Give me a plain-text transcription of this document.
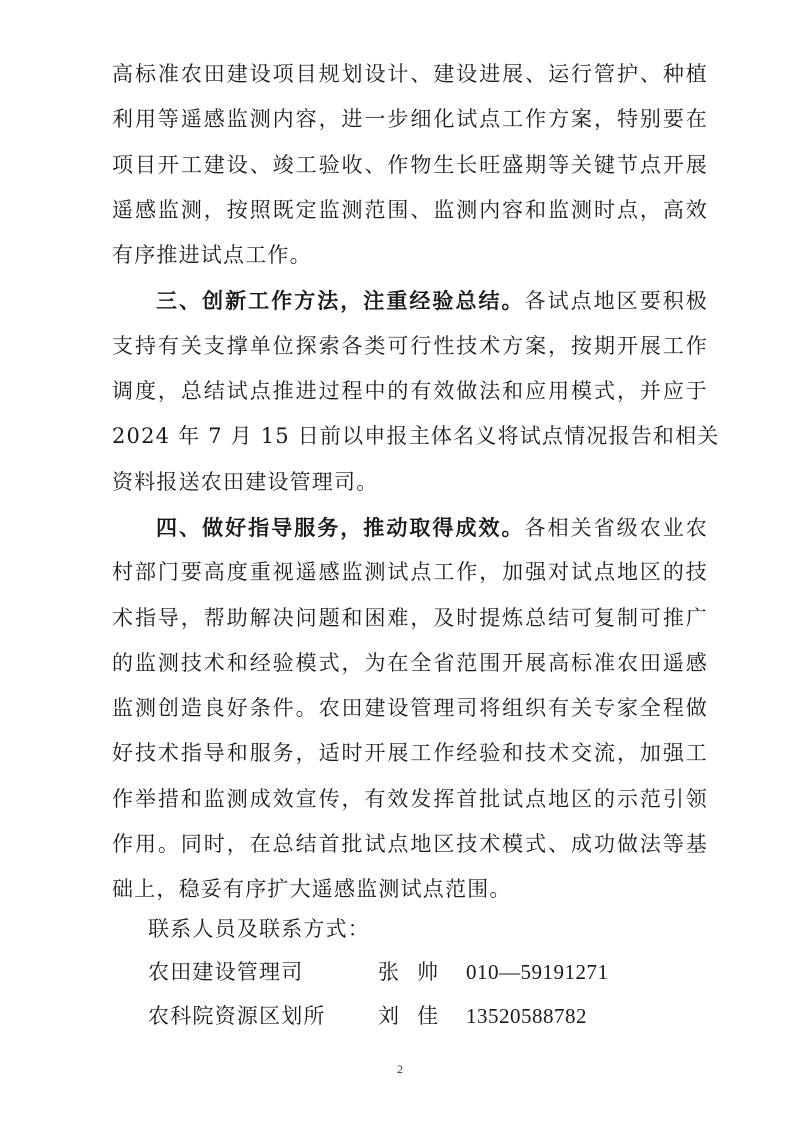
高标准农田建设项目规划设计、建设进展、运行管护、种植
利用等遥感监测内容，进一步细化试点工作方案，特别要在
项目开工建设、竣工验收、作物生长旺盛期等关键节点开展
遥感监测，按照既定监测范围、监测内容和监测时点，高效
有序推进试点工作。
三、创新工作方法，注重经验总结。各试点地区要积极
支持有关支撑单位探索各类可行性技术方案，按期开展工作
调度，总结试点推进过程中的有效做法和应用模式，并应于
2024 年 7 月 15 日前以申报主体名义将试点情况报告和相关
资料报送农田建设管理司。
四、做好指导服务，推动取得成效。各相关省级农业农
村部门要高度重视遥感监测试点工作，加强对试点地区的技
术指导，帮助解决问题和困难，及时提炼总结可复制可推广
的监测技术和经验模式，为在全省范围开展高标准农田遥感
监测创造良好条件。农田建设管理司将组织有关专家全程做
好技术指导和服务，适时开展工作经验和技术交流，加强工
作举措和监测成效宣传，有效发挥首批试点地区的示范引领
作用。同时，在总结首批试点地区技术模式、成功做法等基
础上，稳妥有序扩大遥感监测试点范围。
联系人员及联系方式：
农田建设管理司	张帅 010—59191271
农科院资源区划所	刘佳 13520588782
2
